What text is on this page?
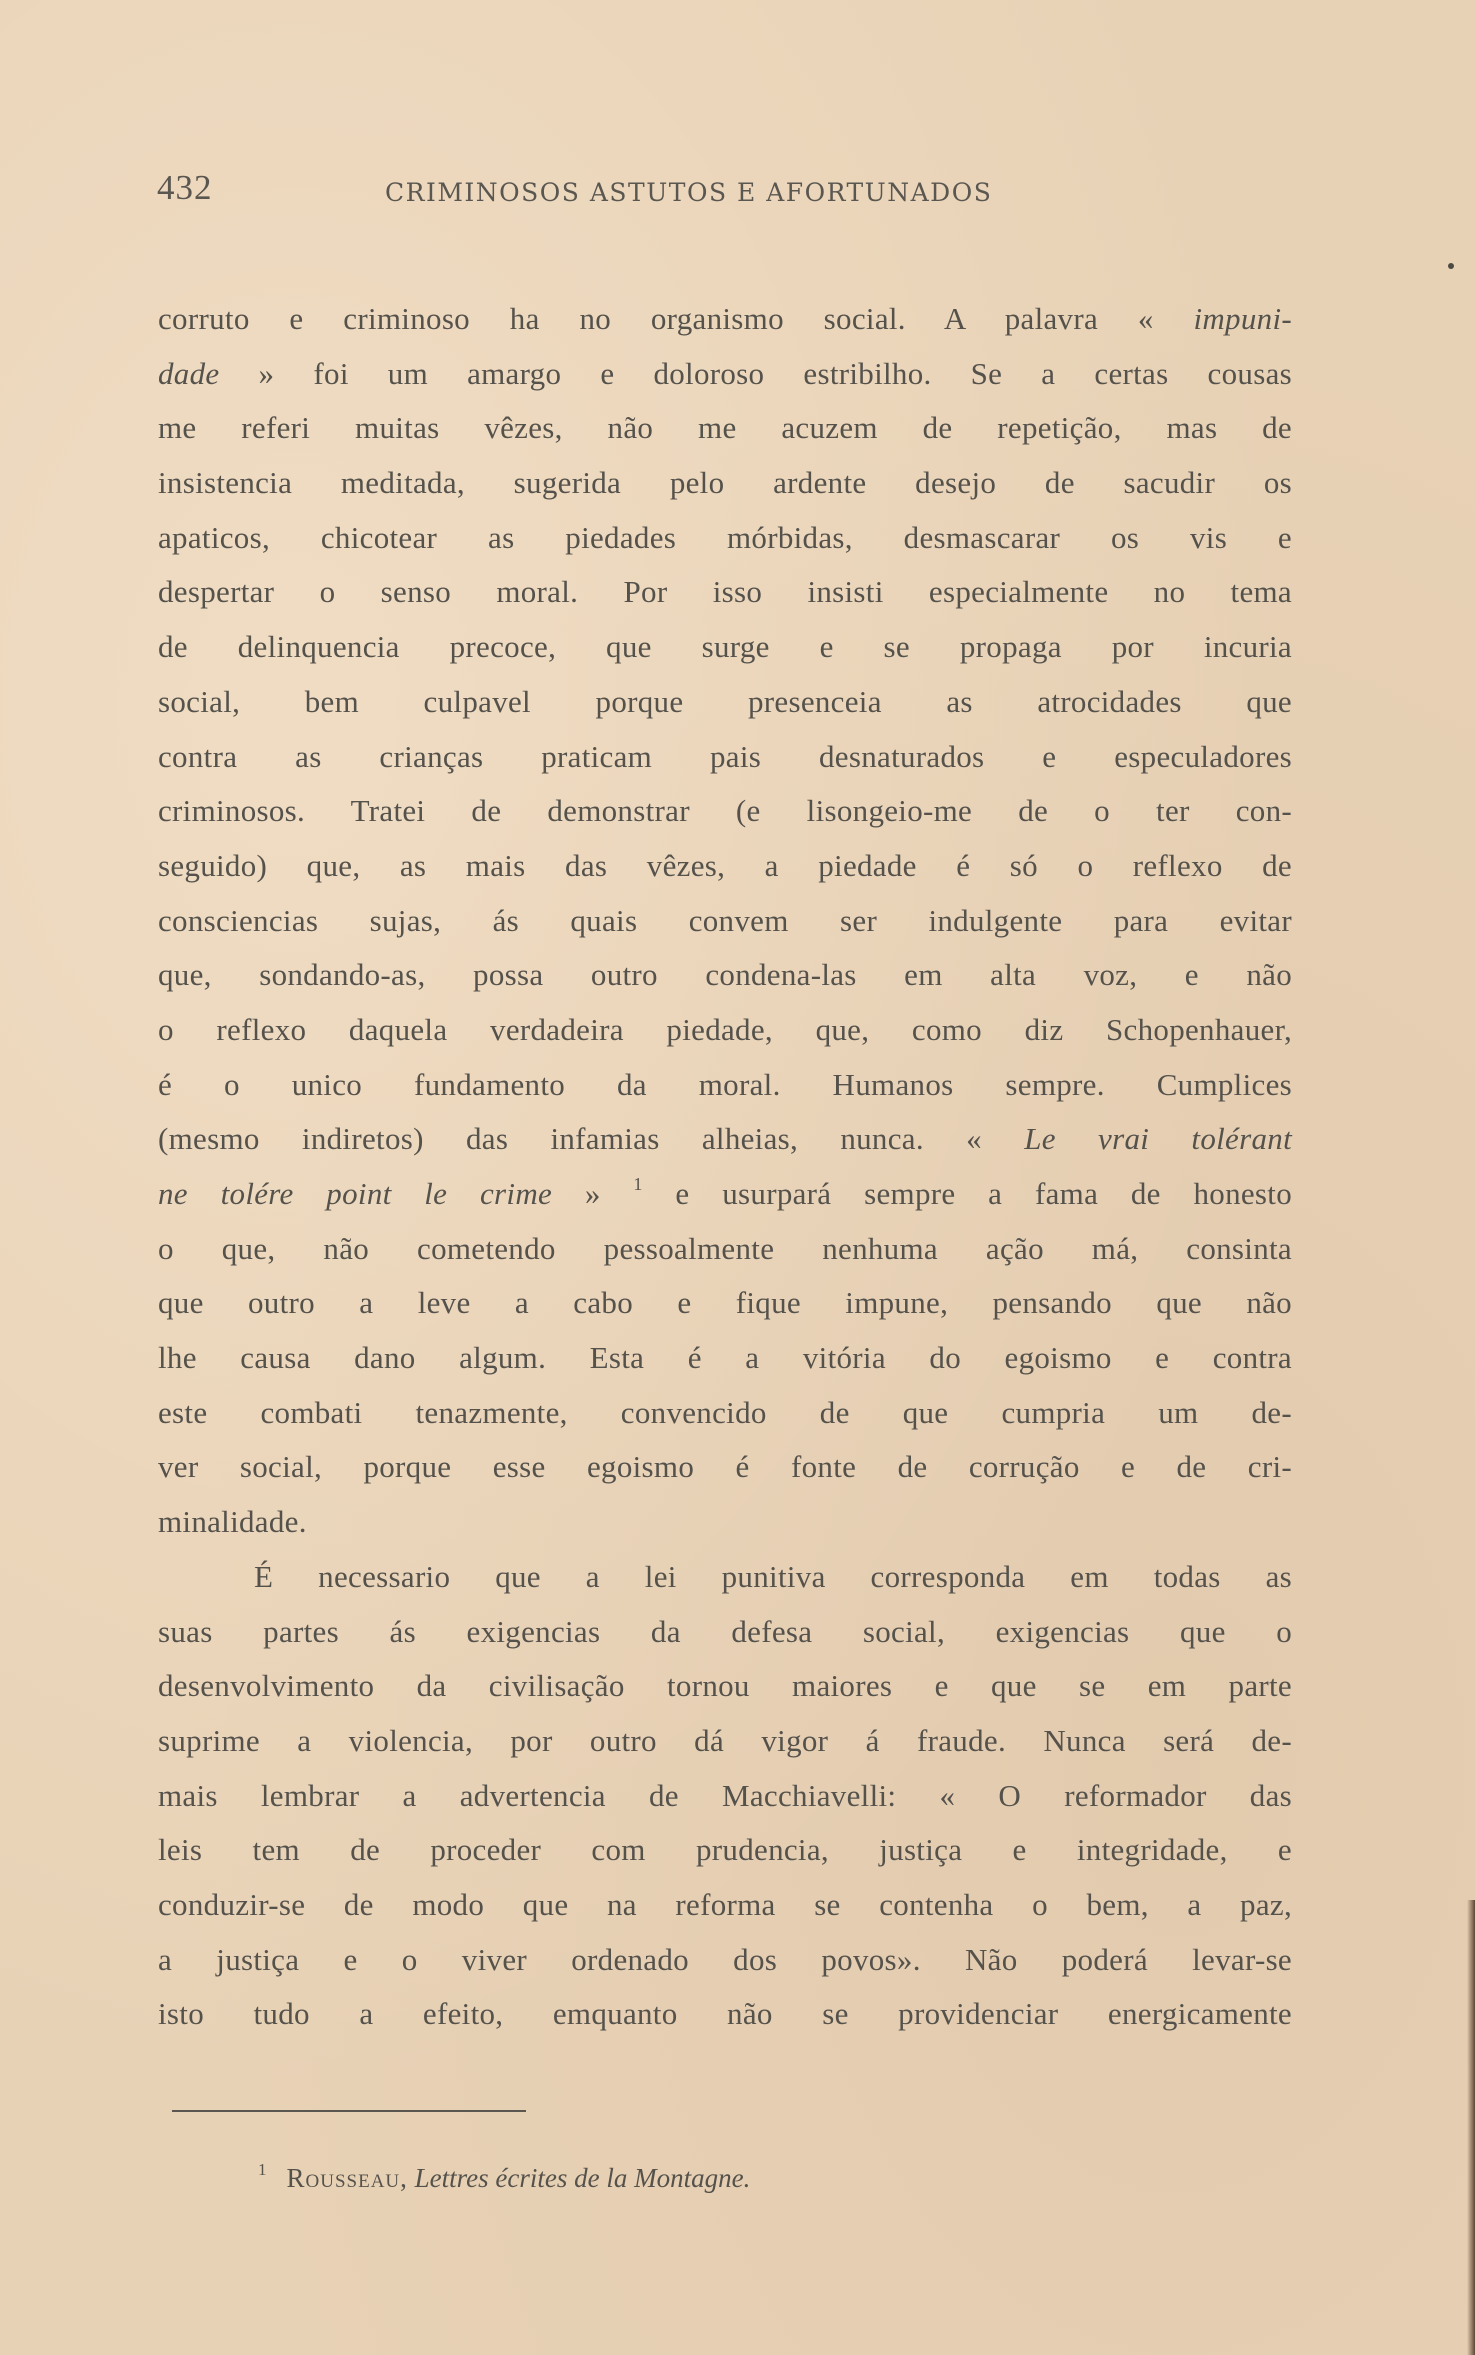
432	CRIMINOSOS ASTUTOS E AFORTUNADOS
corruto e criminoso ha no organismo social. A palavra « impuni-
dade » foi um amargo e doloroso estribilho. Se a certas cousas
me referi muitas vêzes, não me acuzem de repetição, mas de
insistencia meditada, sugerida pelo ardente desejo de sacudir os
apaticos, chicotear as piedades mórbidas, desmascarar os vis e
despertar o senso moral. Por isso insisti especialmente no tema
de delinquencia precoce, que surge e se propaga por incuria
social, bem culpavel porque presenceia as atrocidades que
contra as crianças praticam pais desnaturados e especuladores
criminosos. Tratei de demonstrar (e lisongeio-me de o ter con-
seguido) que, as mais das vêzes, a piedade é só o reflexo de
consciencias sujas, ás quais convem ser indulgente para evitar
que, sondando-as, possa outro condena-las em alta voz, e não
o reflexo daquela verdadeira piedade, que, como diz Schopenhauer,
é o unico fundamento da moral. Humanos sempre. Cumplices
(mesmo indiretos) das infamias alheias, nunca. « Le vrai tolérant
ne tolére point le crime » $^1$ e usurpará sempre a fama de honesto
o que, não cometendo pessoalmente nenhuma ação má, consinta
que outro a leve a cabo e fique impune, pensando que não
lhe causa dano algum. Esta é a vitória do egoismo e contra
este combati tenazmente, convencido de que cumpria um de-
ver social, porque esse egoismo é fonte de corrução e de cri-
minalidade.
É necessario que a lei punitiva corresponda em todas as
suas partes ás exigencias da defesa social, exigencias que o
desenvolvimento da civilisação tornou maiores e que se em parte
suprime a violencia, por outro dá vigor á fraude. Nunca será de-
mais lembrar a advertencia de Macchiavelli: « O reformador das
leis tem de proceder com prudencia, justiça e integridade, e
conduzir-se de modo que na reforma se contenha o bem, a paz,
a justiça e o viver ordenado dos povos». Não poderá levar-se
isto tudo a efeito, emquanto não se providenciar energicamente
$^1$ Rousseau, Lettres écrites de la Montagne.
